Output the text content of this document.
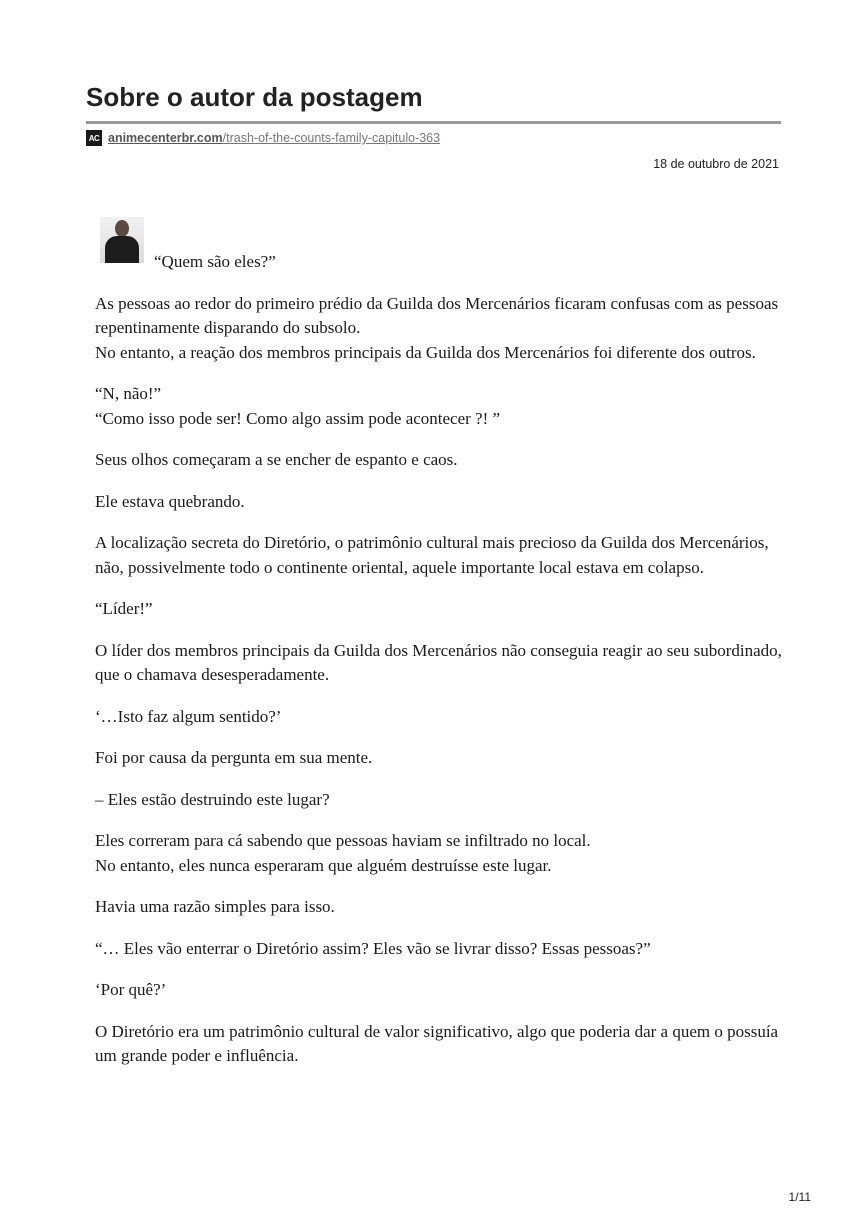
Sobre o autor da postagem
AC animecenterbr.com /trash-of-the-counts-family-capitulo-363
18 de outubro de 2021

“Quem são eles?”

As pessoas ao redor do primeiro prédio da Guilda dos Mercenários ficaram confusas com as pessoas repentinamente disparando do subsolo.
No entanto, a reação dos membros principais da Guilda dos Mercenários foi diferente dos outros.

“N, não!”
“Como isso pode ser! Como algo assim pode acontecer ?! ”

Seus olhos começaram a se encher de espanto e caos.

Ele estava quebrando.

A localização secreta do Diretório, o patrimônio cultural mais precioso da Guilda dos Mercenários, não, possivelmente todo o continente oriental, aquele importante local estava em colapso.

“Líder!”

O líder dos membros principais da Guilda dos Mercenários não conseguia reagir ao seu subordinado, que o chamava desesperadamente.

‘…Isto faz algum sentido?’

Foi por causa da pergunta em sua mente.

– Eles estão destruindo este lugar?

Eles correram para cá sabendo que pessoas haviam se infiltrado no local.
No entanto, eles nunca esperaram que alguém destruísse este lugar.

Havia uma razão simples para isso.

“… Eles vão enterrar o Diretório assim? Eles vão se livrar disso? Essas pessoas?”

‘Por quê?’

O Diretório era um patrimônio cultural de valor significativo, algo que poderia dar a quem o possuía um grande poder e influência.

1/11
